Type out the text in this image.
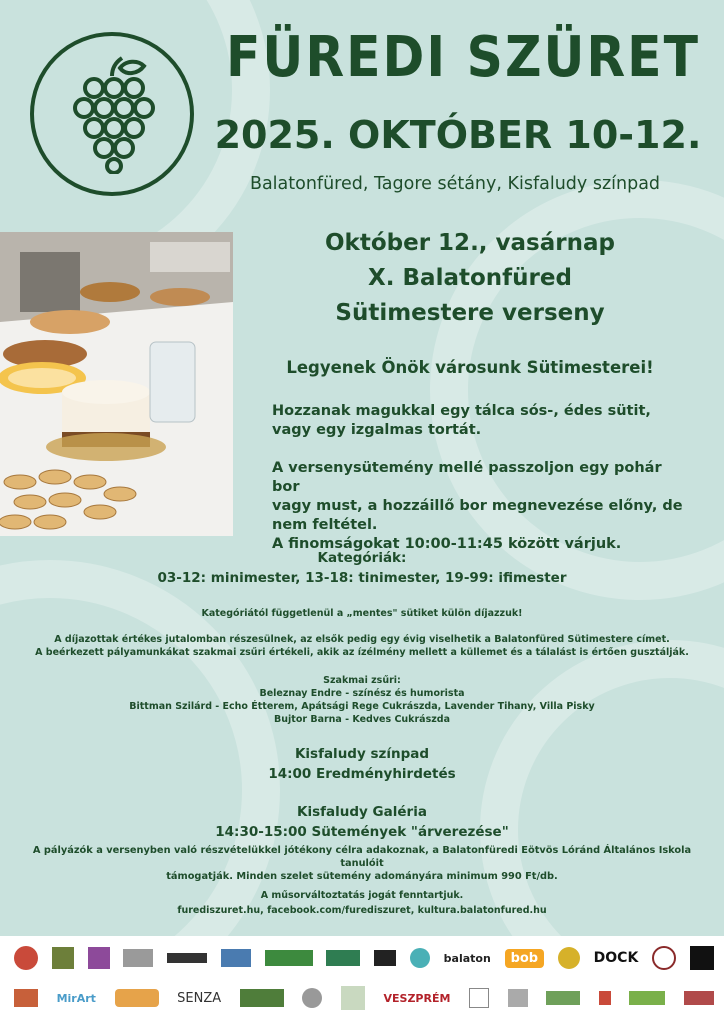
FÜREDI SZÜRET
2025. OKTÓBER 10-12.
Balatonfüred, Tagore sétány, Kisfaludy színpad
Október 12., vasárnap
X. Balatonfüred
Sütimestere verseny
Legyenek Önök városunk Sütimesterei!
Hozzanak magukkal egy tálca sós-, édes sütit,
vagy egy izgalmas tortát.
A versenysütemény mellé passzoljon egy pohár bor
vagy must, a hozzáillő bor megnevezése előny, de
nem feltétel.
A finomságokat 10:00-11:45 között várjuk.
Kategóriák:
03-12: minimester, 13-18: tinimester, 19-99: ifimester
Kategóriától függetlenül a „mentes" sütiket külön díjazzuk!
A díjazottak értékes jutalomban részesülnek, az elsők pedig egy évig viselhetik a Balatonfüred Sütimestere címet.
A beérkezett pályamunkákat szakmai zsűri értékeli, akik az ízélmény mellett a küllemet és a tálalást is értően gusztálják.
Szakmai zsűri:
Beleznay Endre - színész és humorista
Bittman Szilárd - Echo Étterem, Apátsági Rege Cukrászda, Lavender Tihany, Villa Pisky
Bujtor Barna - Kedves Cukrászda
Kisfaludy színpad
14:00 Eredményhirdetés
Kisfaludy Galéria
14:30-15:00 Sütemények "árverezése"
A pályázók a versenyben való részvételükkel jótékony célra adakoznak, a Balatonfüredi Eötvös Lóránd Általános Iskola tanulóit
támogatják. Minden szelet sütemény adományára minimum 990 Ft/db.
A műsorváltoztatás jogát fenntartjuk.
furediszuret.hu, facebook.com/furediszuret, kultura.balatonfured.hu
balaton	bob	DOCK
MirArt	SENZA	VESZPRÉM
